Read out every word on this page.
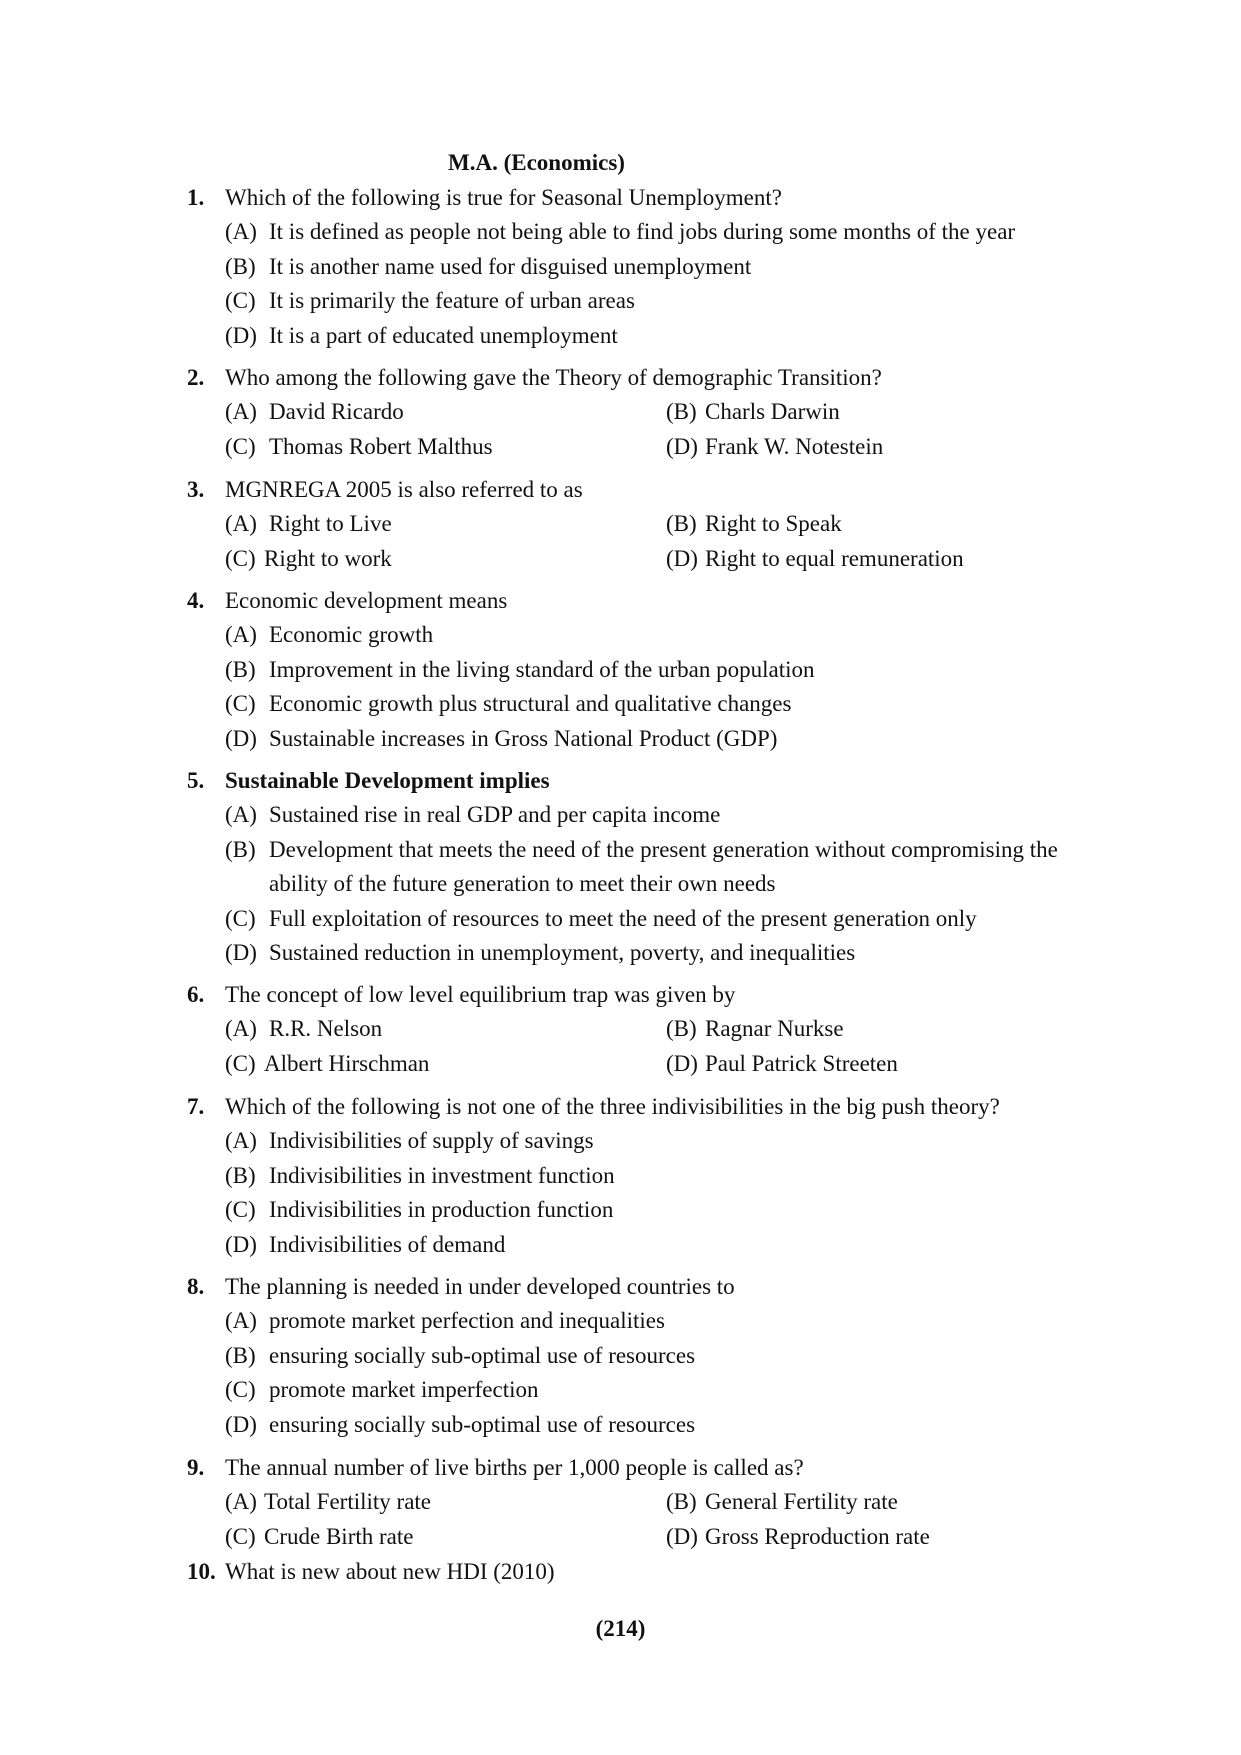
M.A. (Economics)
1. Which of the following is true for Seasonal Unemployment?
(A) It is defined as people not being able to find jobs during some months of the year
(B) It is another name used for disguised unemployment
(C) It is primarily the feature of urban areas
(D) It is a part of educated unemployment
2. Who among the following gave the Theory of demographic Transition?
(A) David Ricardo	(B) Charls Darwin
(C) Thomas Robert Malthus	(D) Frank W. Notestein
3. MGNREGA 2005 is also referred to as
(A) Right to Live	(B) Right to Speak
(C) Right to work	(D) Right to equal remuneration
4. Economic development means
(A) Economic growth
(B) Improvement in the living standard of the urban population
(C) Economic growth plus structural and qualitative changes
(D) Sustainable increases in Gross National Product (GDP)
5. Sustainable Development implies
(A) Sustained rise in real GDP and per capita income
(B) Development that meets the need of the present generation without compromising the ability of the future generation to meet their own needs
(C) Full exploitation of resources to meet the need of the present generation only
(D) Sustained reduction in unemployment, poverty, and inequalities
6. The concept of low level equilibrium trap was given by
(A) R.R. Nelson	(B) Ragnar Nurkse
(C) Albert Hirschman	(D) Paul Patrick Streeten
7. Which of the following is not one of the three indivisibilities in the big push theory?
(A) Indivisibilities of supply of savings
(B) Indivisibilities in investment function
(C) Indivisibilities in production function
(D) Indivisibilities of demand
8. The planning is needed in under developed countries to
(A) promote market perfection and inequalities
(B) ensuring socially sub-optimal use of resources
(C) promote market imperfection
(D) ensuring socially sub-optimal use of resources
9. The annual number of live births per 1,000 people is called as?
(A) Total Fertility rate	(B) General Fertility rate
(C) Crude Birth rate	(D) Gross Reproduction rate
10. What is new about new HDI (2010)
(214)
